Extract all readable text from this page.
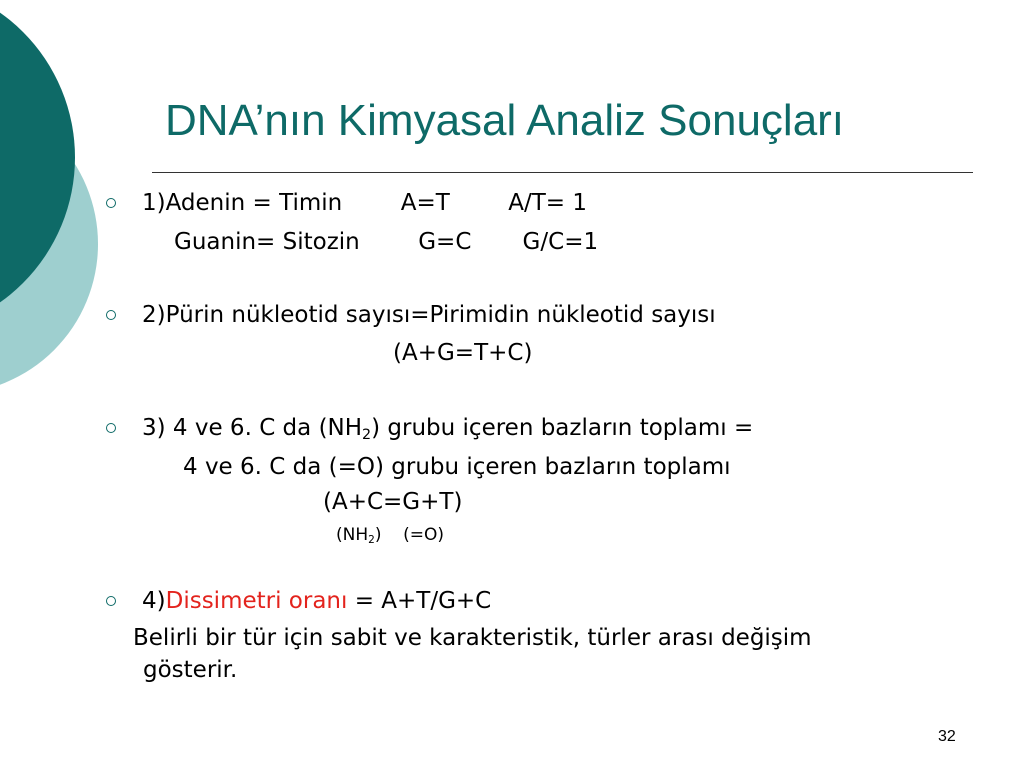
DNA’nın Kimyasal Analiz Sonuçları
1)Adenin = Timin        A=T        A/T= 1
Guanin= Sitozin        G=C       G/C=1
2)Pürin nükleotid sayısı=Pirimidin nükleotid sayısı
(A+G=T+C)
3) 4 ve 6. C da $(NH_2)$ grubu içeren bazların toplamı =
4 ve 6. C da (=O) grubu içeren bazların toplamı
(A+C=G+T)
$(NH_2)$    (=O)
4)Dissimetri oranı = A+T/G+C
Belirli bir tür için sabit ve karakteristik, türler arası değişim
gösterir.
32
